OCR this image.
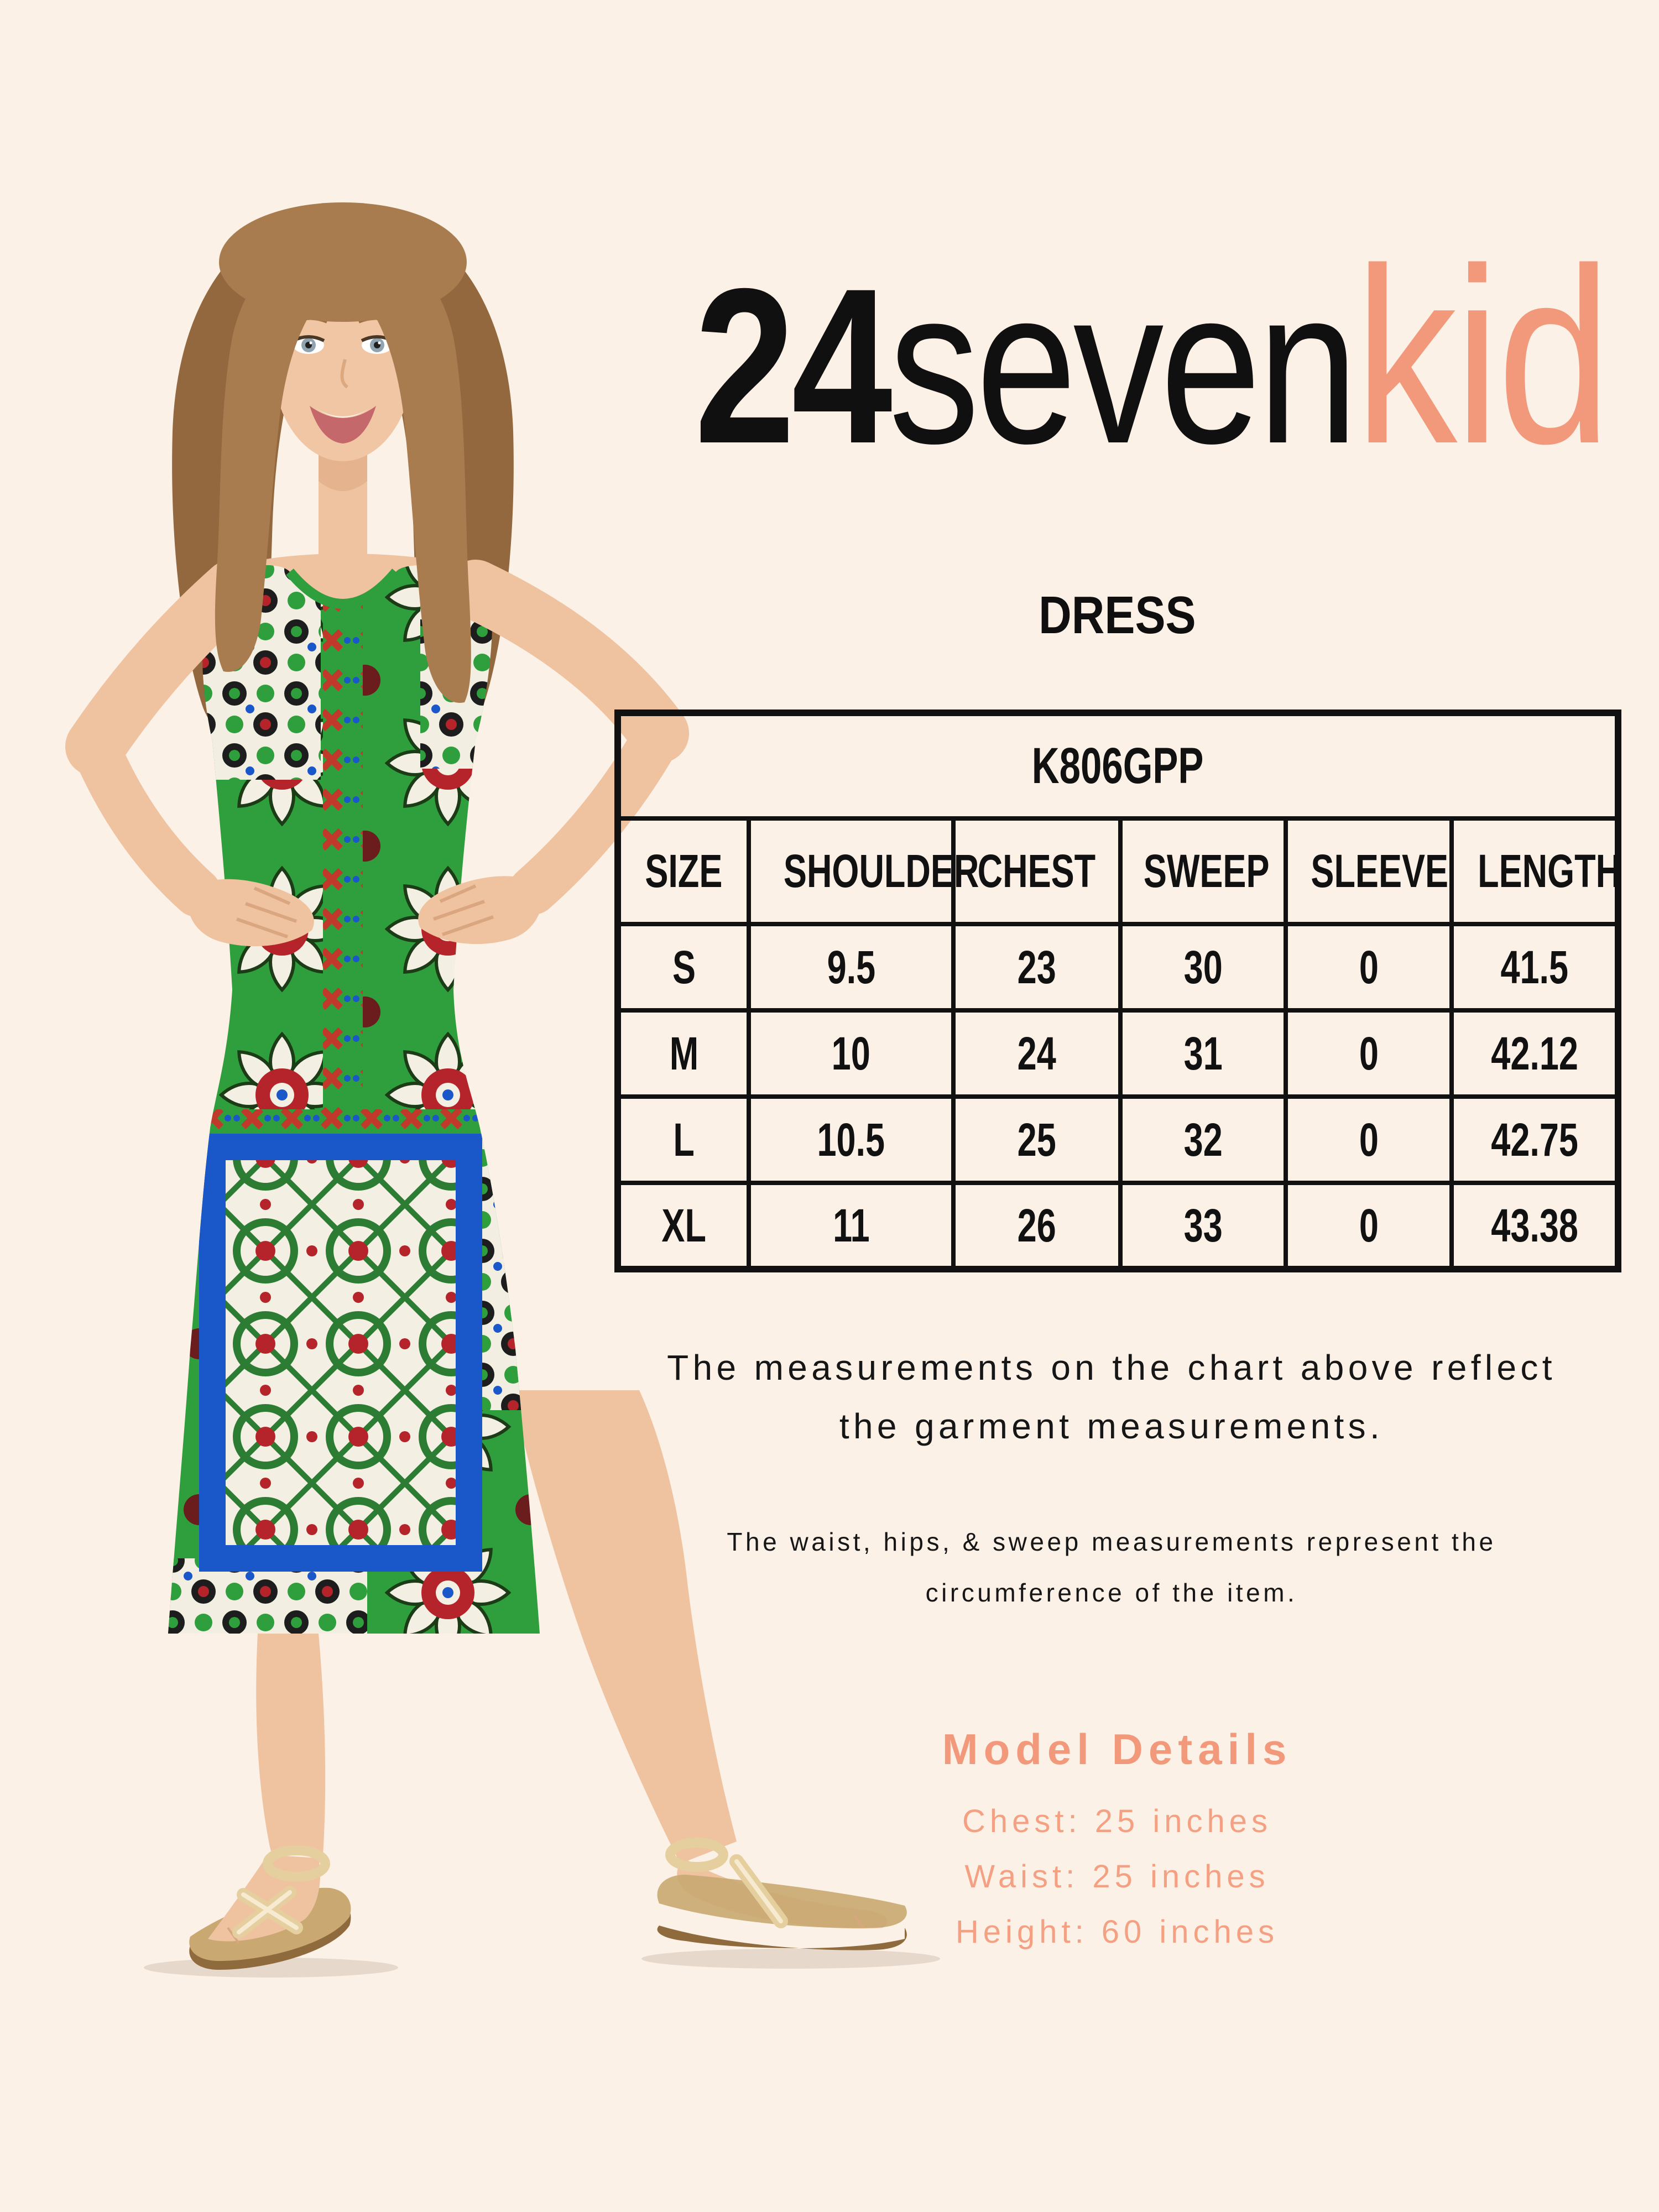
24sevenkid
DRESS
K806GPP					
SIZE	SHOULDER	CHEST	SWEEP	SLEEVE	LENGTH
S	9.5	23	30	0	41.5
M	10	24	31	0	42.12
L	10.5	25	32	0	42.75
XL	11	26	33	0	43.38

The measurements on the chart above reflect
the garment measurements.

The waist, hips, & sweep measurements represent the
circumference of the item.

Model Details
Chest: 25 inches
Waist: 25 inches
Height: 60 inches
